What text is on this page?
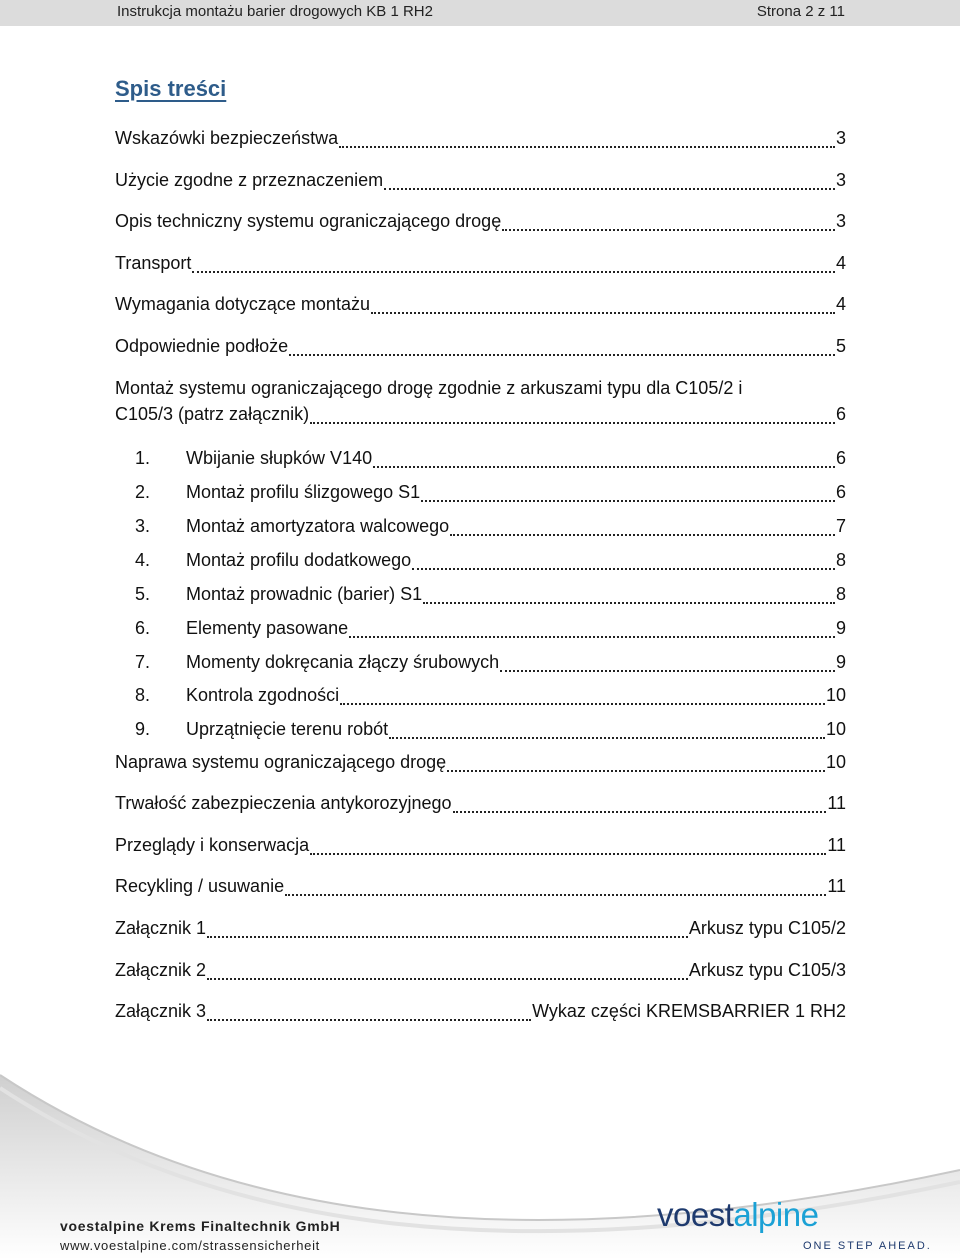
Instrukcja montażu barier drogowych KB 1 RH2	Strona 2 z 11
Spis treści
Wskazówki bezpieczeństwa	3
Użycie zgodne z przeznaczeniem	3
Opis techniczny systemu ograniczającego drogę	3
Transport	4
Wymagania dotyczące montażu	4
Odpowiednie podłoże	5
Montaż systemu ograniczającego drogę zgodnie z arkuszami typu dla C105/2 i
C105/3 (patrz załącznik)	6
1. Wbijanie słupków V140	6
2. Montaż profilu ślizgowego S1	6
3. Montaż amortyzatora walcowego	7
4. Montaż profilu dodatkowego	8
5. Montaż prowadnic (barier) S1	8
6. Elementy pasowane	9
7. Momenty dokręcania złączy śrubowych	9
8. Kontrola zgodności	10
9. Uprzątnięcie terenu robót	10
Naprawa systemu ograniczającego drogę	10
Trwałość zabezpieczenia antykorozyjnego	11
Przeglądy i konserwacja	11
Recykling / usuwanie	11
Załącznik 1	Arkusz typu C105/2
Załącznik 2	Arkusz typu C105/3
Załącznik 3	Wykaz części KREMSBARRIER 1 RH2
voestalpine Krems Finaltechnik GmbH
www.voestalpine.com/strassensicherheit
voestalpine
ONE STEP AHEAD.
